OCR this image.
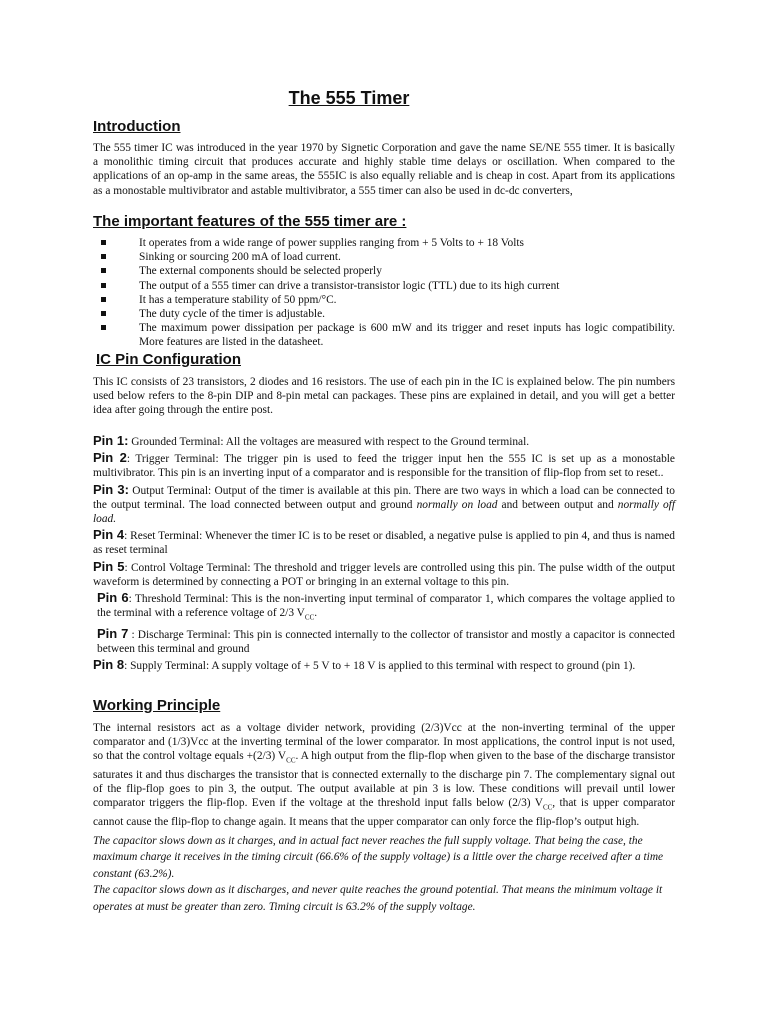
The 555 Timer
Introduction
The 555 timer IC was introduced in the year 1970 by Signetic Corporation and gave the name SE/NE 555 timer. It is basically a monolithic timing circuit that produces accurate and highly stable time delays or oscillation. When compared to the applications of an op-amp in the same areas, the 555IC is also equally reliable and is cheap in cost. Apart from its applications as a monostable multivibrator and astable multivibrator, a 555 timer can also be used in dc-dc converters,
The important features of the 555 timer are :
It operates from a wide range of power supplies ranging from + 5 Volts to + 18 Volts
Sinking or sourcing 200 mA of load current.
The external components should be selected properly
The output of a 555 timer can drive a transistor-transistor logic (TTL) due to its high current
It has a temperature stability of 50 ppm/°C.
The duty cycle of the timer is adjustable.
The maximum power dissipation per package is 600 mW and its trigger and reset inputs has logic compatibility. More features are listed in the datasheet.
IC Pin Configuration
This IC consists of 23 transistors, 2 diodes and 16 resistors. The use of each pin in the IC is explained below. The pin numbers used below refers to the 8-pin DIP and 8-pin metal can packages. These pins are explained in detail, and you will get a better idea after going through the entire post.
Pin 1: Grounded Terminal: All the voltages are measured with respect to the Ground terminal.
Pin 2: Trigger Terminal: The trigger pin is used to feed the trigger input hen the 555 IC is set up as a monostable multivibrator. This pin is an inverting input of a comparator and is responsible for the transition of flip-flop from set to reset..
Pin 3: Output Terminal: Output of the timer is available at this pin. There are two ways in which a load can be connected to the output terminal. The load connected between output and ground normally on load and between output and normally off load.
Pin 4: Reset Terminal: Whenever the timer IC is to be reset or disabled, a negative pulse is applied to pin 4, and thus is named as reset terminal
Pin 5: Control Voltage Terminal: The threshold and trigger levels are controlled using this pin. The pulse width of the output waveform is determined by connecting a POT or bringing in an external voltage to this pin.
Pin 6: Threshold Terminal: This is the non-inverting input terminal of comparator 1, which compares the voltage applied to the terminal with a reference voltage of 2/3 $V_{CC}$.
Pin 7 : Discharge Terminal: This pin is connected internally to the collector of transistor and mostly a capacitor is connected between this terminal and ground
Pin 8: Supply Terminal: A supply voltage of + 5 V to + 18 V is applied to this terminal with respect to ground (pin 1).
Working Principle
The internal resistors act as a voltage divider network, providing (2/3)Vcc at the non-inverting terminal of the upper comparator and (1/3)Vcc at the inverting terminal of the lower comparator. In most applications, the control input is not used, so that the control voltage equals +(2/3) $V_{CC}$. A high output from the flip-flop when given to the base of the discharge transistor saturates it and thus discharges the transistor that is connected externally to the discharge pin 7. The complementary signal out of the flip-flop goes to pin 3, the output. The output available at pin 3 is low. These conditions will prevail until lower comparator triggers the flip-flop. Even if the voltage at the threshold input falls below (2/3) $V_{CC}$, that is upper comparator cannot cause the flip-flop to change again. It means that the upper comparator can only force the flip-flop’s output high.
The capacitor slows down as it charges, and in actual fact never reaches the full supply voltage. That being the case, the maximum charge it receives in the timing circuit (66.6% of the supply voltage) is a little over the charge received after a time constant (63.2%).
The capacitor slows down as it discharges, and never quite reaches the ground potential. That means the minimum voltage it operates at must be greater than zero. Timing circuit is 63.2% of the supply voltage.
